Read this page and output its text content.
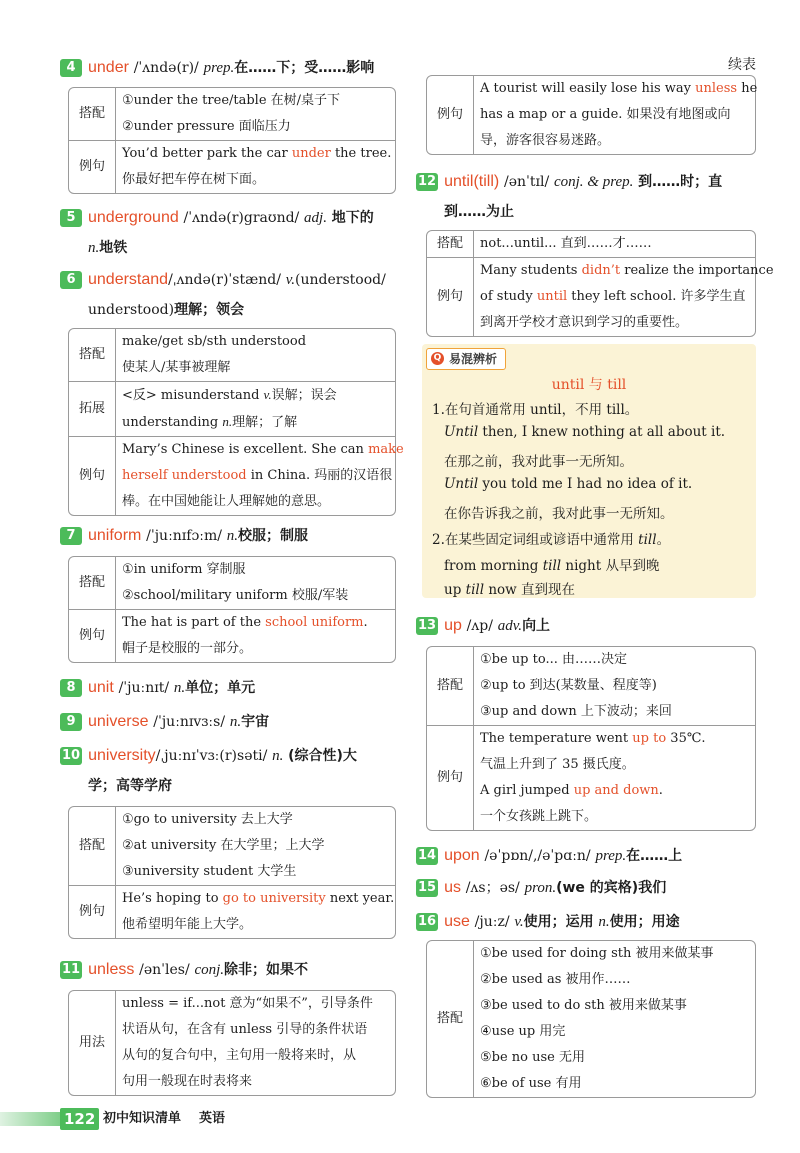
4 under /ˈʌndə(r)/ prep.在……下；受……影响
搭配
①under the tree/table 在树/桌子下
②under pressure 面临压力
例句
You’d better park the car under the tree.
你最好把车停在树下面。
5 underground /ˈʌndə(r)graʊnd/ adj. 地下的
n.地铁
6 understand/ˌʌndə(r)ˈstænd/ v.(understood/
understood)理解；领会
搭配
make/get sb/sth understood
使某人/某事被理解
拓展
<反> misunderstand v.误解；误会
understanding n.理解；了解
例句
Mary’s Chinese is excellent. She can make
herself understood in China. 玛丽的汉语很
棒。在中国她能让人理解她的意思。
7 uniform /ˈjuːnɪfɔːm/ n.校服；制服
搭配
①in uniform 穿制服
②school/military uniform 校服/军装
例句
The hat is part of the school uniform.
帽子是校服的一部分。
8 unit /ˈjuːnɪt/ n.单位；单元
9 universe /ˈjuːnɪvɜːs/ n.宇宙
10 university/ˌjuːnɪˈvɜː(r)səti/ n. (综合性)大
学；高等学府
搭配
①go to university 去上大学
②at university 在大学里；上大学
③university student 大学生
例句
He’s hoping to go to university next year.
他希望明年能上大学。
11 unless /ənˈles/ conj.除非；如果不
用法
unless = if...not 意为“如果不”，引导条件
状语从句，在含有 unless 引导的条件状语
从句的复合句中，主句用一般将来时，从
句用一般现在时表将来
续表
例句
A tourist will easily lose his way unless he
has a map or a guide. 如果没有地图或向
导，游客很容易迷路。
12 until(till) /ənˈtɪl/ conj. & prep. 到……时；直
到……为止
搭配	not...until... 直到……才……
例句
Many students didn’t realize the importance
of study until they left school. 许多学生直
到离开学校才意识到学习的重要性。
Q 易混辨析
until 与 till
1.在句首通常用 until，不用 till。
Until then, I knew nothing at all about it.
在那之前，我对此事一无所知。
Until you told me I had no idea of it.
在你告诉我之前，我对此事一无所知。
2.在某些固定词组或谚语中通常用 till。
from morning till night 从早到晚
up till now 直到现在
13 up /ʌp/ adv.向上
搭配
①be up to... 由……决定
②up to 到达(某数量、程度等)
③up and down 上下波动；来回
例句
The temperature went up to 35℃.
气温上升到了 35 摄氏度。
A girl jumped up and down.
一个女孩跳上跳下。
14 upon /əˈpɒn/,/əˈpɑːn/ prep.在……上
15 us /ʌs；əs/ pron.(we 的宾格)我们
16 use /juːz/ v.使用；运用 n.使用；用途
搭配
①be used for doing sth 被用来做某事
②be used as 被用作……
③be used to do sth 被用来做某事
④use up 用完
⑤be no use 无用
⑥be of use 有用
122 初中知识清单 英语
